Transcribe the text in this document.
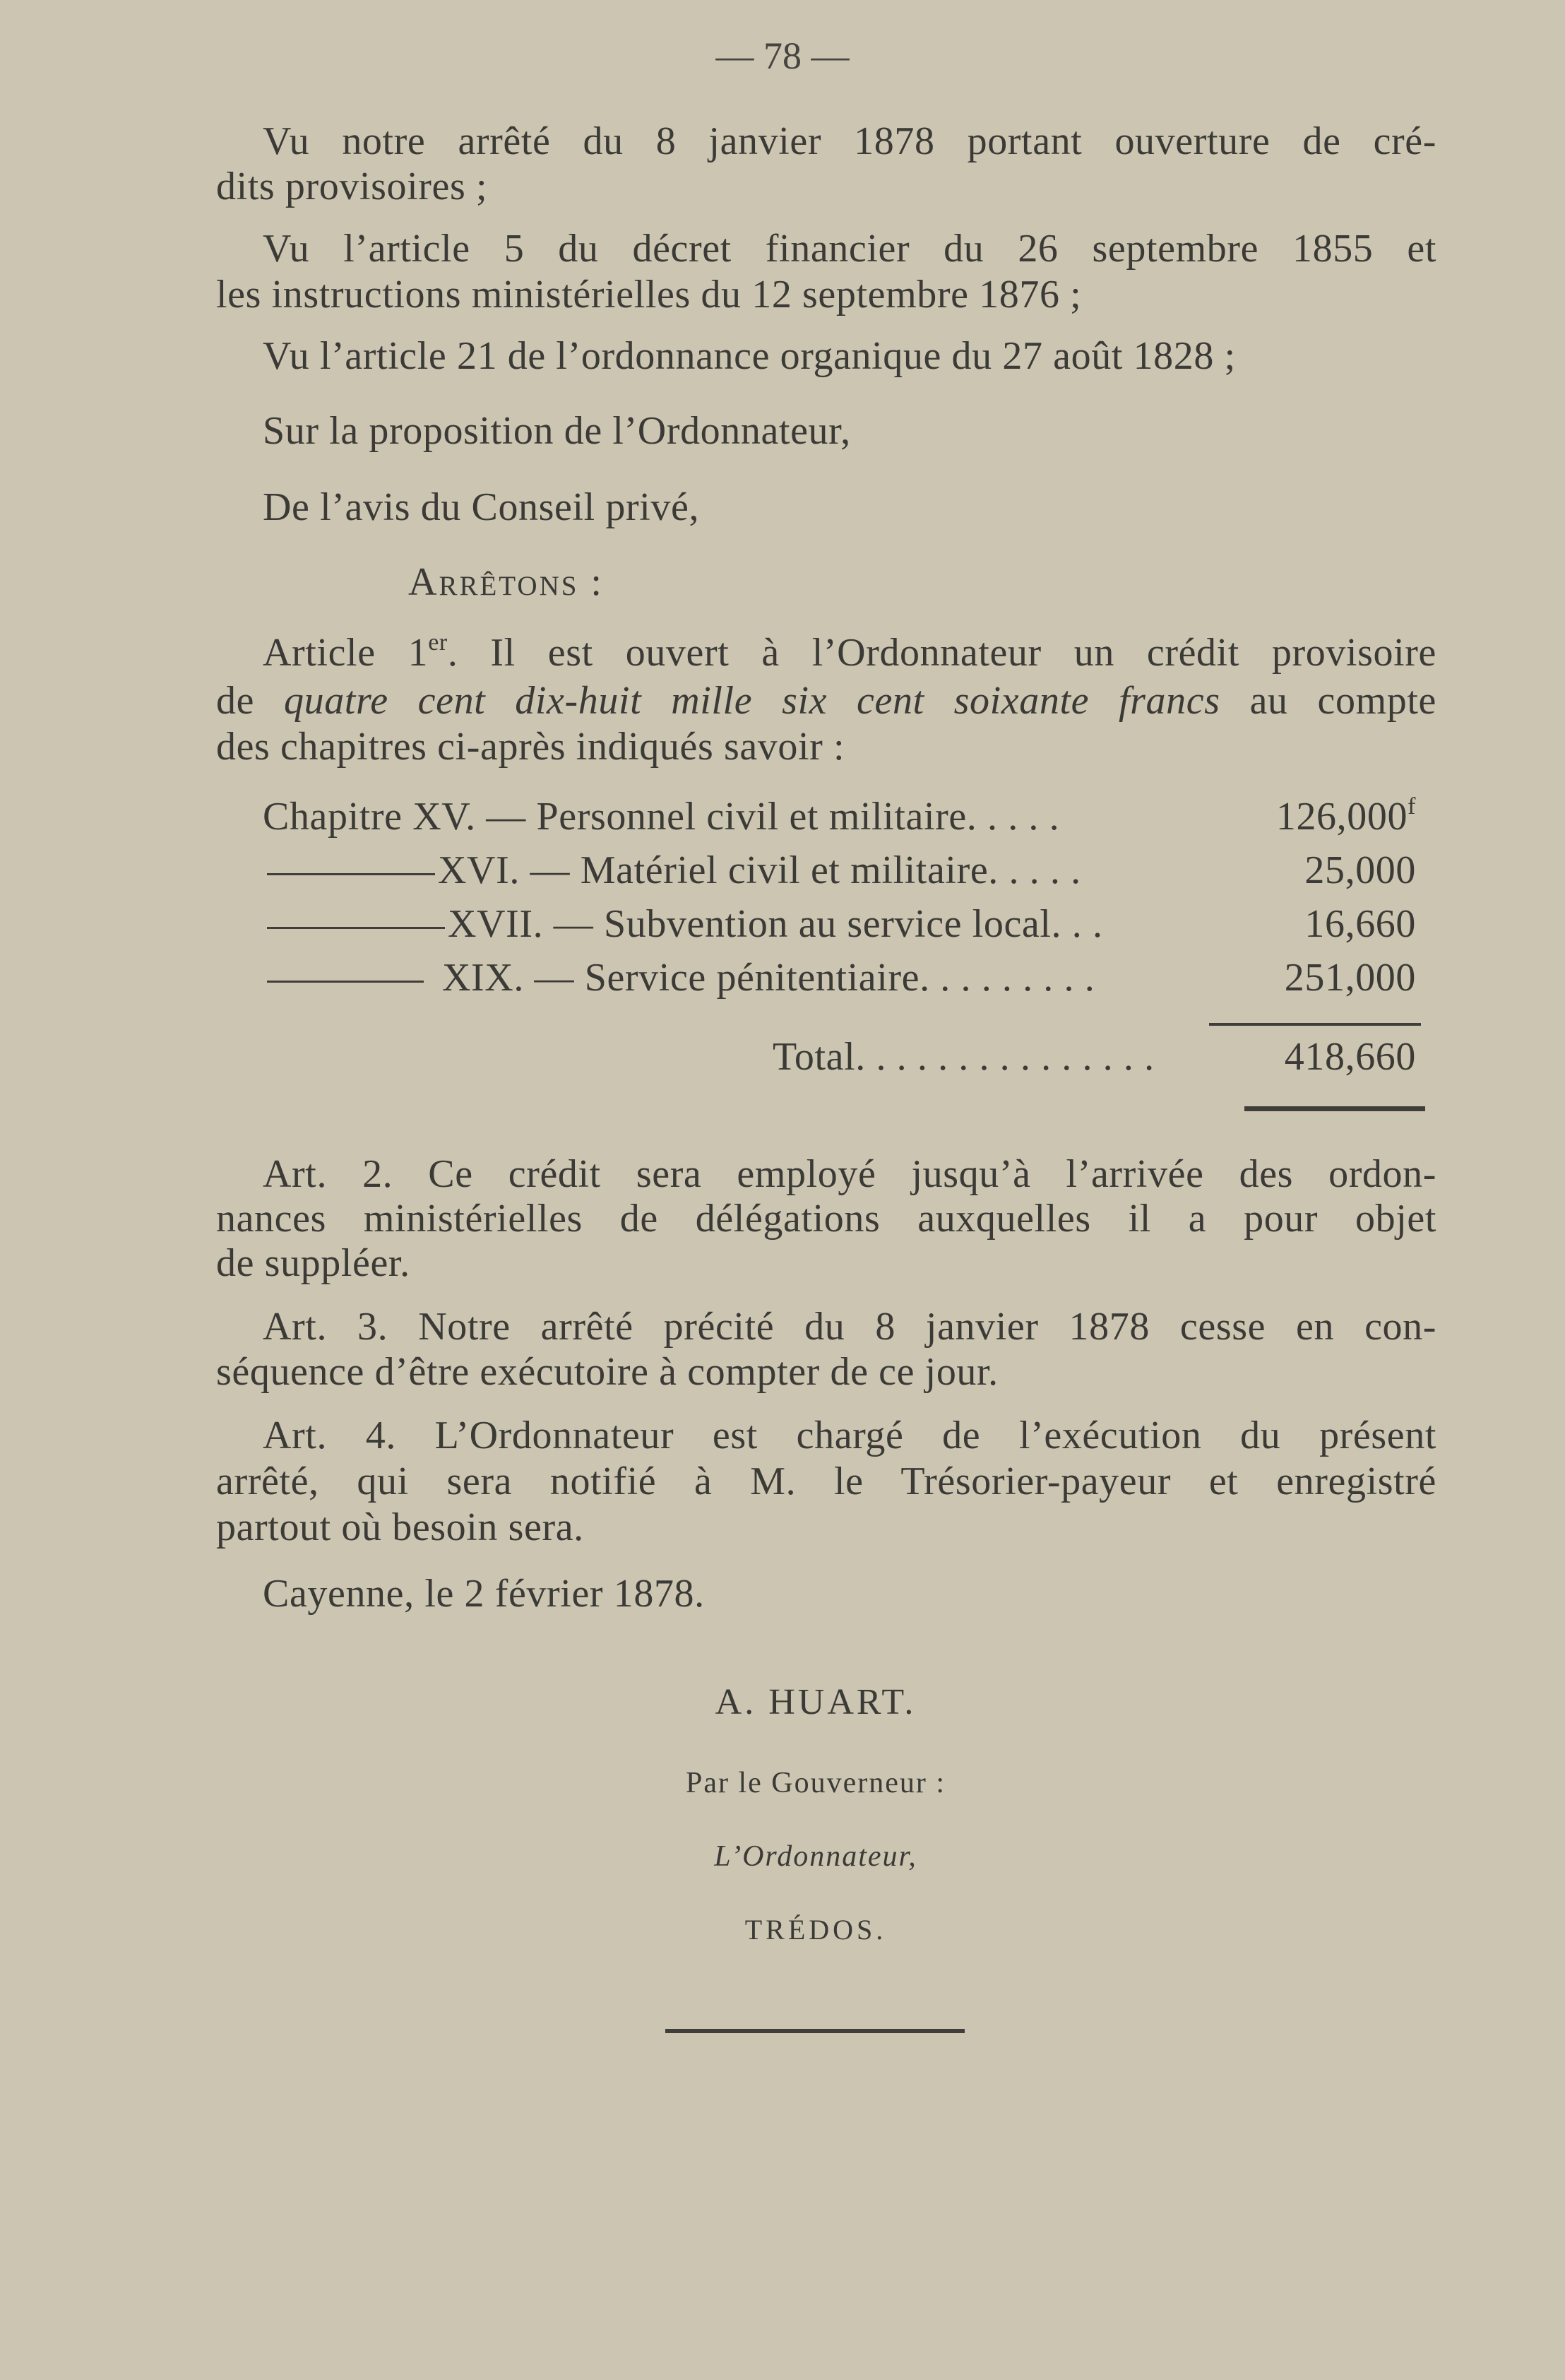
— 78 —
Vu notre arrêté du 8 janvier 1878 portant ouverture de cré-
dits provisoires ;
Vu l’article 5 du décret financier du 26 septembre 1855 et
les instructions ministérielles du 12 septembre 1876 ;
Vu l’article 21 de l’ordonnance organique du 27 août 1828 ;
Sur la proposition de l’Ordonnateur,
De l’avis du Conseil privé,
Arrêtons :
Article 1er. Il est ouvert à l’Ordonnateur un crédit provisoire
de quatre cent dix-huit mille six cent soixante francs au compte
des chapitres ci-après indiqués savoir :
Chapitre XV. — Personnel civil et militaire. . . . .	126,000$^f$
XVI. — Matériel civil et militaire. . . . .	25,000
XVII. — Subvention au service local. . .	16,660
XIX. — Service pénitentiaire. . . . . . . . .	251,000
Total. . . . . . . . . . . . . . .	418,660
Art. 2. Ce crédit sera employé jusqu’à l’arrivée des ordon-
nances ministérielles de délégations auxquelles il a pour objet
de suppléer.
Art. 3. Notre arrêté précité du 8 janvier 1878 cesse en con-
séquence d’être exécutoire à compter de ce jour.
Art. 4. L’Ordonnateur est chargé de l’exécution du présent
arrêté, qui sera notifié à M. le Trésorier-payeur et enregistré
partout où besoin sera.
Cayenne, le 2 février 1878.
A. HUART.
Par le Gouverneur :
L’Ordonnateur,
TRÉDOS.
